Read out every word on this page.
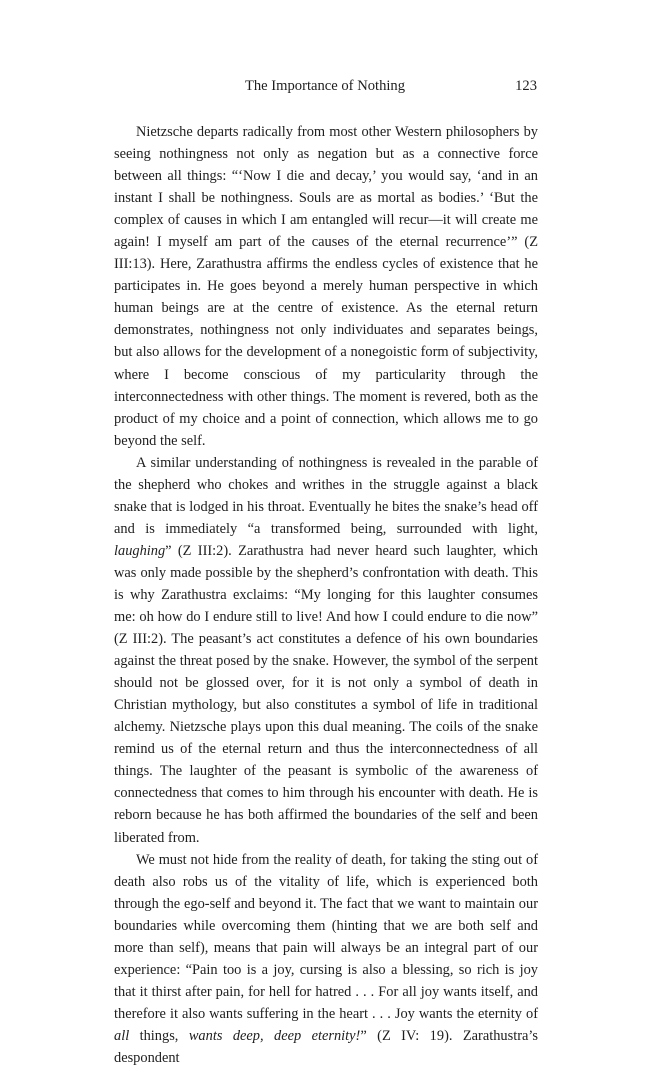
The Importance of Nothing	123

Nietzsche departs radically from most other Western philosophers by seeing nothingness not only as negation but as a connective force between all things: “‘Now I die and decay,’ you would say, ‘and in an instant I shall be nothingness. Souls are as mortal as bodies.’ ‘But the complex of causes in which I am entangled will recur—it will create me again! I myself am part of the causes of the eternal recurrence’” (Z III:13). Here, Zarathustra affirms the endless cycles of existence that he participates in. He goes beyond a merely human perspective in which human beings are at the centre of existence. As the eternal return demonstrates, nothingness not only individuates and separates beings, but also allows for the development of a nonegoistic form of subjectivity, where I become conscious of my particularity through the interconnectedness with other things. The moment is revered, both as the product of my choice and a point of connection, which allows me to go beyond the self.

A similar understanding of nothingness is revealed in the parable of the shepherd who chokes and writhes in the struggle against a black snake that is lodged in his throat. Eventually he bites the snake’s head off and is immediately “a transformed being, surrounded with light, laughing” (Z III:2). Zarathustra had never heard such laughter, which was only made possible by the shepherd’s confrontation with death. This is why Zarathustra exclaims: “My longing for this laughter consumes me: oh how do I endure still to live! And how I could endure to die now” (Z III:2). The peasant’s act constitutes a defence of his own boundaries against the threat posed by the snake. However, the symbol of the serpent should not be glossed over, for it is not only a symbol of death in Christian mythology, but also constitutes a symbol of life in traditional alchemy. Nietzsche plays upon this dual meaning. The coils of the snake remind us of the eternal return and thus the interconnectedness of all things. The laughter of the peasant is symbolic of the awareness of connectedness that comes to him through his encounter with death. He is reborn because he has both affirmed the boundaries of the self and been liberated from.

We must not hide from the reality of death, for taking the sting out of death also robs us of the vitality of life, which is experienced both through the ego-self and beyond it. The fact that we want to maintain our boundaries while overcoming them (hinting that we are both self and more than self), means that pain will always be an integral part of our experience: “Pain too is a joy, cursing is also a blessing, so rich is joy that it thirst after pain, for hell for hatred . . . For all joy wants itself, and therefore it also wants suffering in the heart . . . Joy wants the eternity of all things, wants deep, deep eternity!” (Z IV: 19). Zarathustra’s despondent
